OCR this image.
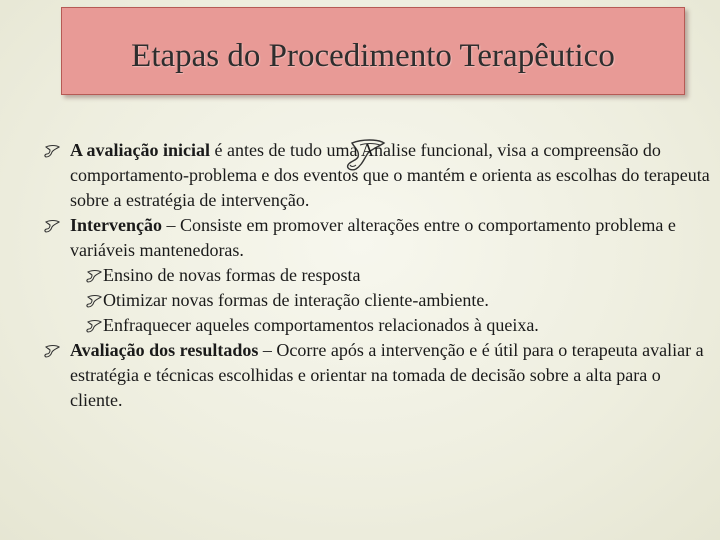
Etapas do Procedimento Terapêutico
A avaliação inicial é antes de tudo uma Analise funcional, visa a compreensão do comportamento-problema e dos eventos que o mantém e orienta as escolhas do terapeuta sobre a estratégia de intervenção.
Intervenção – Consiste em promover alterações entre o comportamento problema e variáveis mantenedoras.
Ensino de novas formas de resposta
Otimizar novas formas de interação cliente-ambiente.
Enfraquecer aqueles comportamentos relacionados à queixa.
Avaliação dos resultados – Ocorre após a intervenção e é útil para o terapeuta avaliar a estratégia e técnicas escolhidas e orientar na tomada de decisão sobre a alta para o cliente.
